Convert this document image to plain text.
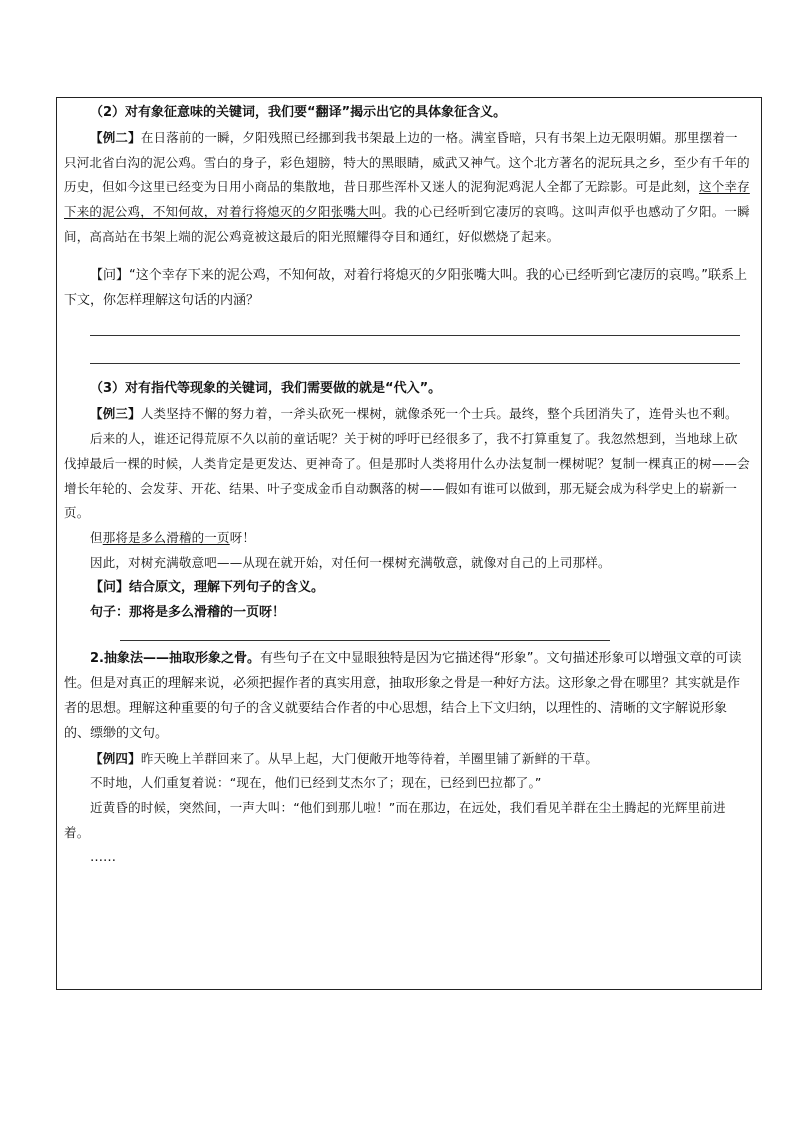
（2）对有象征意味的关键词，我们要“翻译”揭示出它的具体象征含义。

【例二】在日落前的一瞬，夕阳残照已经挪到我书架最上边的一格。满室昏暗，只有书架上边无限明媚。那里摆着一只河北省白沟的泥公鸡。雪白的身子，彩色翅膀，特大的黑眼睛，威武又神气。这个北方著名的泥玩具之乡，至少有千年的历史，但如今这里已经变为日用小商品的集散地，昔日那些浑朴又迷人的泥狗泥鸡泥人全都了无踪影。可是此刻，这个幸存下来的泥公鸡，不知何故，对着行将熄灭的夕阳张嘴大叫。我的心已经听到它凄厉的哀鸣。这叫声似乎也感动了夕阳。一瞬间，高高站在书架上端的泥公鸡竟被这最后的阳光照耀得夺目和通红，好似燃烧了起来。

【问】“这个幸存下来的泥公鸡，不知何故，对着行将熄灭的夕阳张嘴大叫。我的心已经听到它凄厉的哀鸣。”联系上下文，你怎样理解这句话的内涵？

（3）对有指代等现象的关键词，我们需要做的就是“代入”。

【例三】人类坚持不懈的努力着，一斧头砍死一棵树，就像杀死一个士兵。最终，整个兵团消失了，连骨头也不剩。

后来的人，谁还记得荒原不久以前的童话呢？关于树的呼吁已经很多了，我不打算重复了。我忽然想到，当地球上砍伐掉最后一棵的时候，人类肯定是更发达、更神奇了。但是那时人类将用什么办法复制一棵树呢？复制一棵真正的树——会增长年轮的、会发芽、开花、结果、叶子变成金币自动飘落的树——假如有谁可以做到，那无疑会成为科学史上的崭新一页。

但那将是多么滑稽的一页呀！

因此，对树充满敬意吧——从现在就开始，对任何一棵树充满敬意，就像对自己的上司那样。

【问】结合原文，理解下列句子的含义。

句子：那将是多么滑稽的一页呀！

2.抽象法——抽取形象之骨。有些句子在文中显眼独特是因为它描述得“形象”。文句描述形象可以增强文章的可读性。但是对真正的理解来说，必须把握作者的真实用意，抽取形象之骨是一种好方法。这形象之骨在哪里？其实就是作者的思想。理解这种重要的句子的含义就要结合作者的中心思想，结合上下文归纳，以理性的、清晰的文字解说形象的、缥缈的文句。

【例四】昨天晚上羊群回来了。从早上起，大门便敞开地等待着，羊圈里铺了新鲜的干草。

不时地，人们重复着说：“现在，他们已经到艾杰尔了；现在，已经到巴拉都了。”

近黄昏的时候，突然间，一声大叫：“他们到那儿啦！”而在那边，在远处，我们看见羊群在尘土腾起的光辉里前进着。

……
